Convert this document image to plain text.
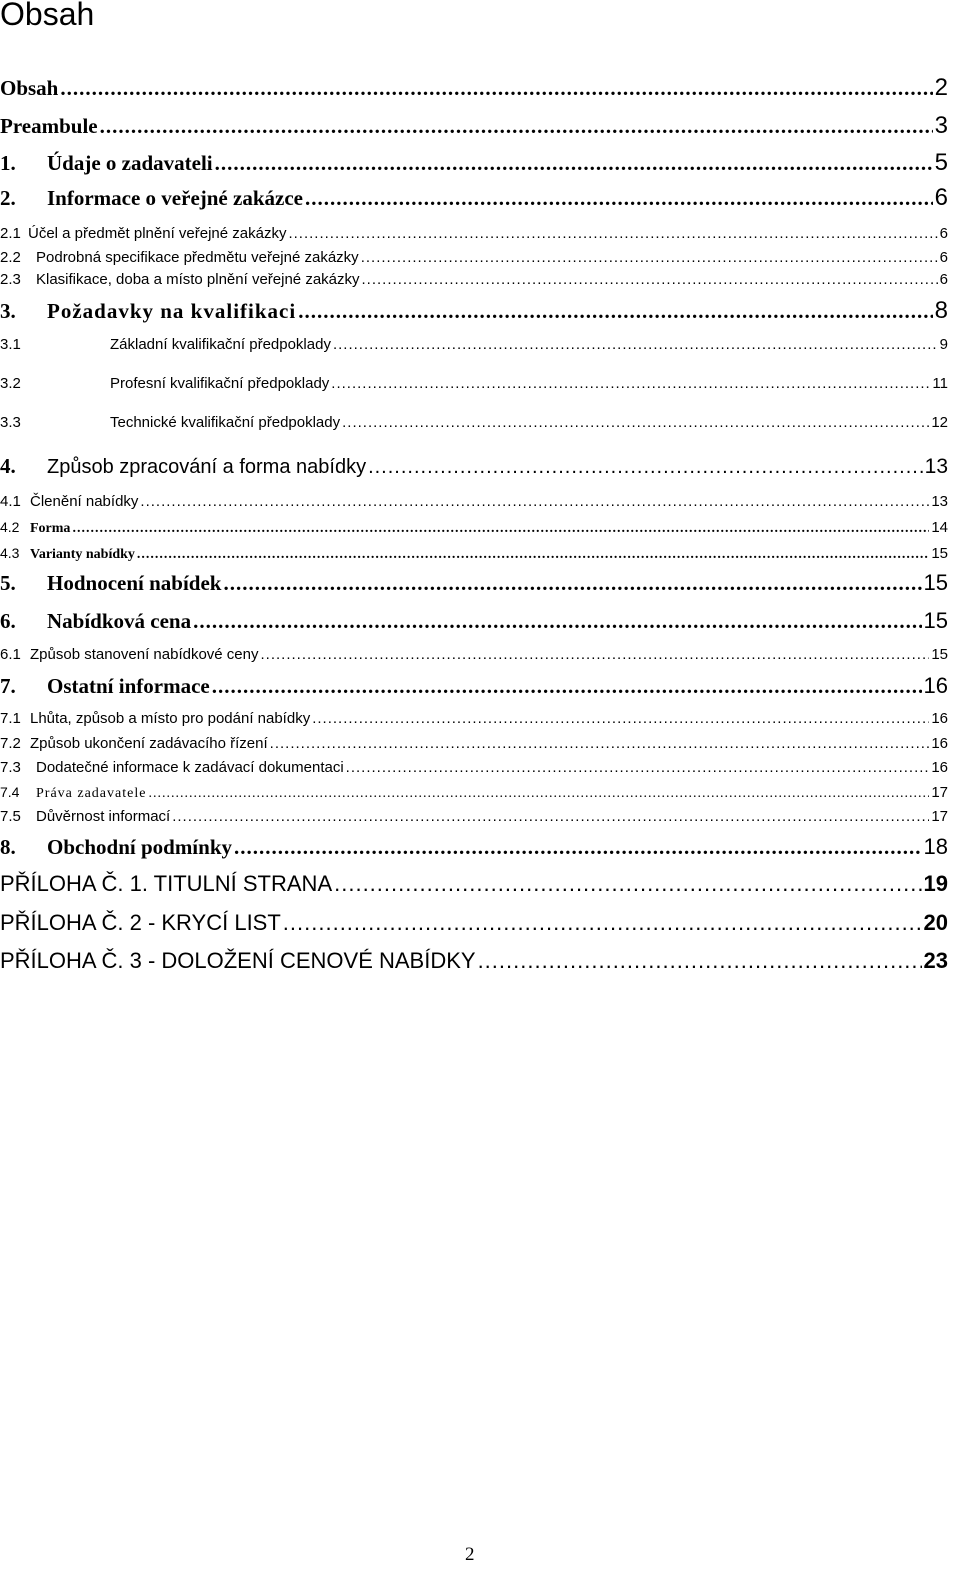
Obsah
Obsah .....	2
Preambule .....	3
1.	Údaje o zadavateli .....	5
2.	Informace o veřejné zakázce .....	6
2.1 Účel a předmět plnění veřejné zakázky .....	6
2.2	Podrobná specifikace předmětu veřejné zakázky .....	6
2.3	Klasifikace, doba a místo plnění veřejné zakázky .....	6
3.	Požadavky na kvalifikaci .....	8
3.1	Základní kvalifikační předpoklady .....	9
3.2	Profesní kvalifikační předpoklady .....	11
3.3	Technické kvalifikační předpoklady .....	12
4.	Způsob zpracování a forma nabídky .....	13
4.1 Členění nabídky .....	13
4.2 Forma .....	14
4.3 Varianty nabídky .....	15
5.	Hodnocení nabídek .....	15
6.	Nabídková cena .....	15
6.1 Způsob stanovení nabídkové ceny .....	15
7.	Ostatní informace .....	16
7.1 Lhůta, způsob a místo pro podání nabídky .....	16
7.2 Způsob ukončení zadávacího řízení .....	16
7.3	Dodatečné informace k zadávací dokumentaci .....	16
7.4	Práva zadavatele .....	17
7.5	Důvěrnost informací .....	17
8.	Obchodní podmínky .....	18
PŘÍLOHA Č. 1. TITULNÍ STRANA .....	19
PŘÍLOHA Č. 2 - KRYCÍ LIST .....	20
PŘÍLOHA Č. 3 - DOLOŽENÍ CENOVÉ NABÍDKY .....	23
2
